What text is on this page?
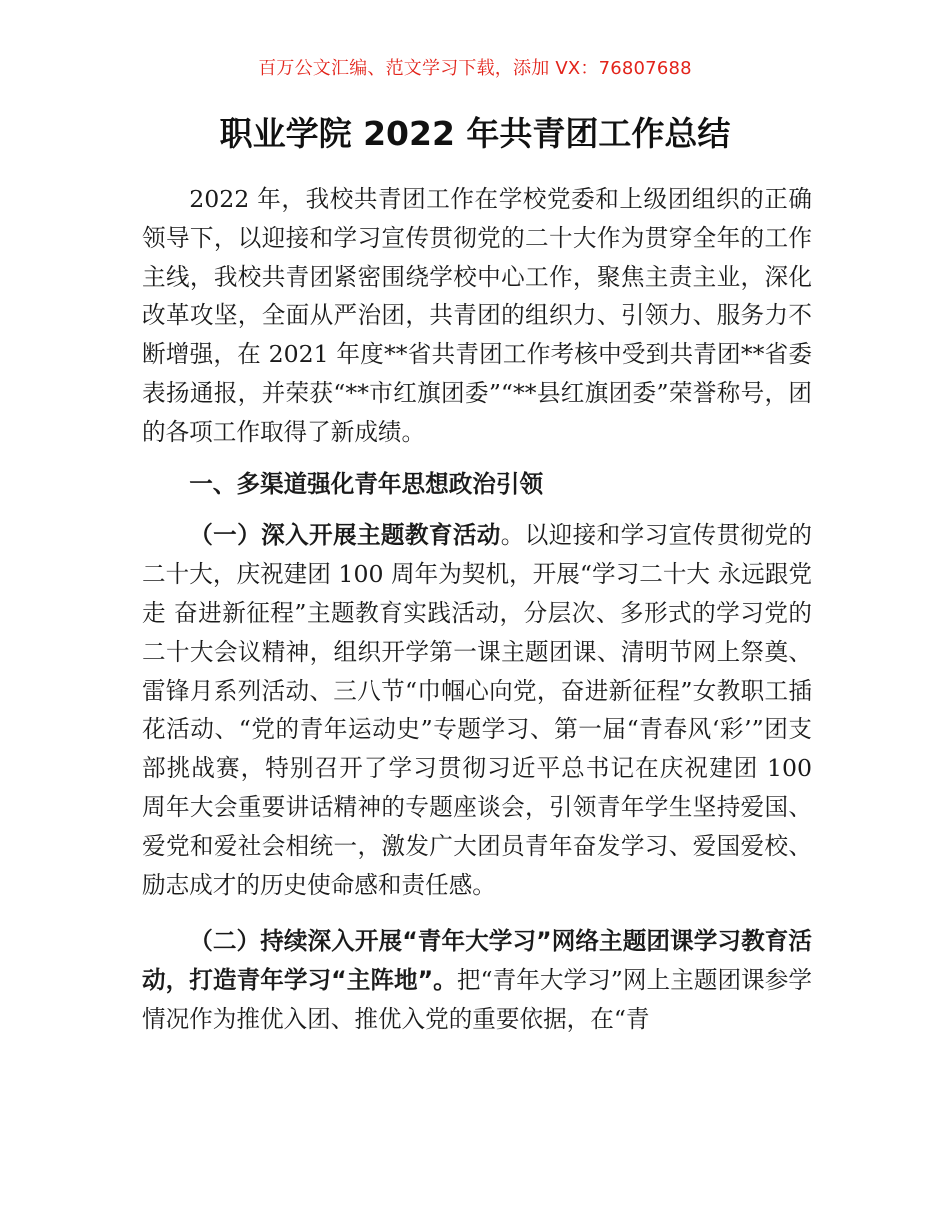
百万公文汇编、范文学习下载，添加 VX：76807688
职业学院 2022 年共青团工作总结

2022 年，我校共青团工作在学校党委和上级团组织的正确领导下，以迎接和学习宣传贯彻党的二十大作为贯穿全年的工作主线，我校共青团紧密围绕学校中心工作，聚焦主责主业，深化改革攻坚，全面从严治团，共青团的组织力、引领力、服务力不断增强，在 2021 年度**省共青团工作考核中受到共青团**省委表扬通报，并荣获“**市红旗团委”“**县红旗团委”荣誉称号，团的各项工作取得了新成绩。

一、多渠道强化青年思想政治引领

（一）深入开展主题教育活动。以迎接和学习宣传贯彻党的二十大，庆祝建团 100 周年为契机，开展“学习二十大 永远跟党走 奋进新征程”主题教育实践活动，分层次、多形式的学习党的二十大会议精神，组织开学第一课主题团课、清明节网上祭奠、雷锋月系列活动、三八节“巾帼心向党，奋进新征程”女教职工插花活动、“党的青年运动史”专题学习、第一届“青春风‘彩’”团支部挑战赛，特别召开了学习贯彻习近平总书记在庆祝建团 100 周年大会重要讲话精神的专题座谈会，引领青年学生坚持爱国、爱党和爱社会相统一，激发广大团员青年奋发学习、爱国爱校、励志成才的历史使命感和责任感。

（二）持续深入开展“青年大学习”网络主题团课学习教育活动，打造青年学习“主阵地”。把“青年大学习”网上主题团课参学情况作为推优入团、推优入党的重要依据，在“青
